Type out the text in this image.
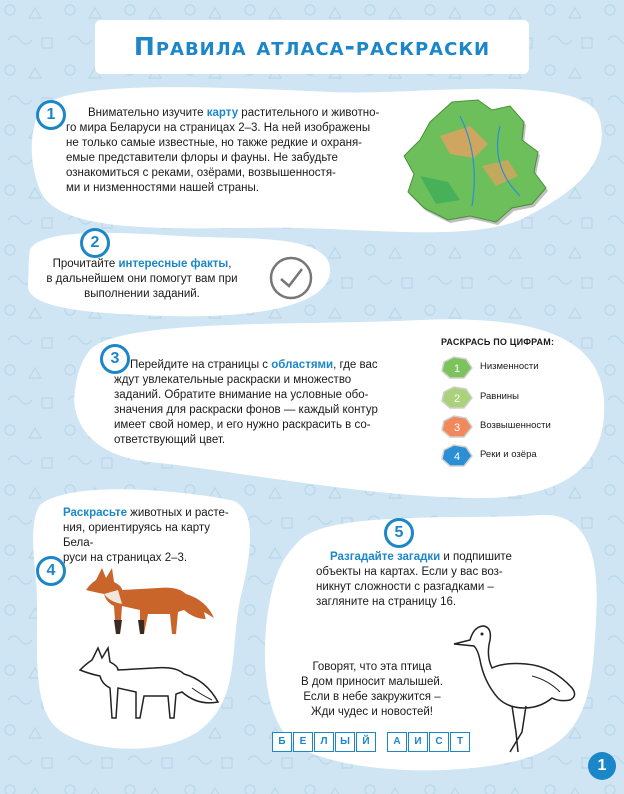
Правила атласа-раскраски
1	Внимательно изучите карту растительного и животно-
го мира Беларуси на страницах 2–3. На ней изображены
не только самые известные, но также редкие и охраня-
емые представители флоры и фауны. Не забудьте
ознакомиться с реками, озёрами, возвышенностя-
ми и низменностями нашей страны.
2
Прочитайте интересные факты,
в дальнейшем они помогут вам при
выполнении заданий.
3 Перейдите на страницы с областями, где вас
ждут увлекательные раскраски и множество
заданий. Обратите внимание на условные обо-
значения для раскраски фонов — каждый контур
имеет свой номер, и его нужно раскрасить в со-
ответствующий цвет.
РАСКРАСЬ ПО ЦИФРАМ:
1 Низменности
2 Равнины
3 Возвышенности
4 Реки и озёра
Раскрасьте животных и расте-
ния, ориентируясь на карту Бела-
руси на страницах 2–3.
4
5
Разгадайте загадки и подпишите
объекты на картах. Если у вас воз-
никнут сложности с разгадками –
загляните на страницу 16.
Говорят, что эта птица
В дом приносит малышей.
Если в небе закружится –
Жди чудес и новостей!
Б	Е	Л	Ы	Й	А	И	С	Т
1
